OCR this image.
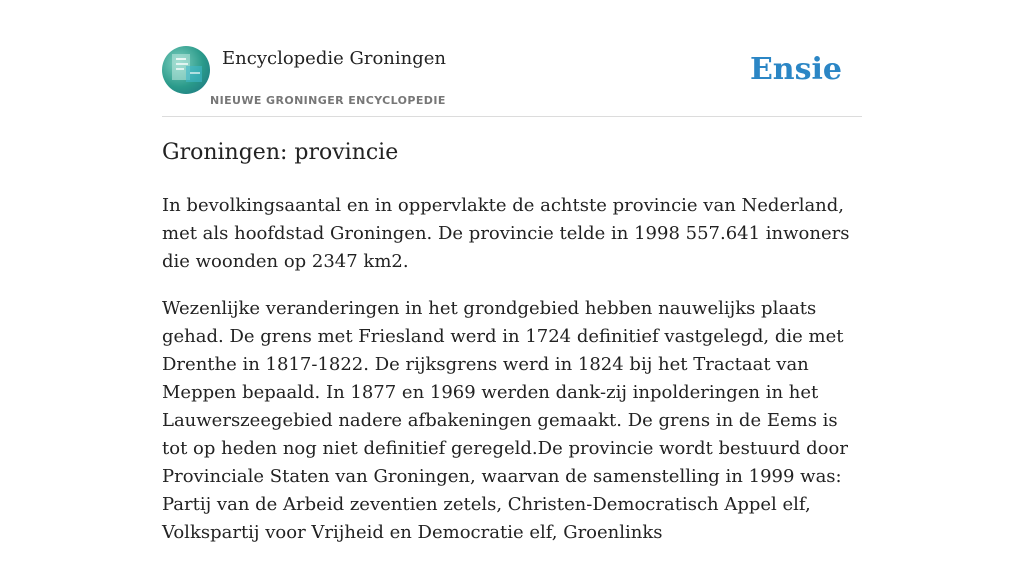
Encyclopedie Groningen
NIEUWE GRONINGER ENCYCLOPEDIE
Ensie
Groningen: provincie

In bevolkingsaantal en in oppervlakte de achtste provincie van Nederland, met als hoofdstad Groningen. De provincie telde in 1998 557.641 inwoners die woonden op 2347 km2.

Wezenlijke veranderingen in het grondgebied hebben nauwelijks plaats gehad. De grens met Friesland werd in 1724 definitief vastgelegd, die met Drenthe in 1817-1822. De rijksgrens werd in 1824 bij het Tractaat van Meppen bepaald. In 1877 en 1969 werden dank-zij inpolderingen in het Lauwerszeegebied nadere afbakeningen gemaakt. De grens in de Eems is tot op heden nog niet definitief geregeld.De provincie wordt bestuurd door Provinciale Staten van Groningen, waarvan de samenstelling in 1999 was: Partij van de Arbeid zeventien zetels, Christen-Democratisch Appel elf, Volkspartij voor Vrijheid en Democratie elf, Groenlinks
